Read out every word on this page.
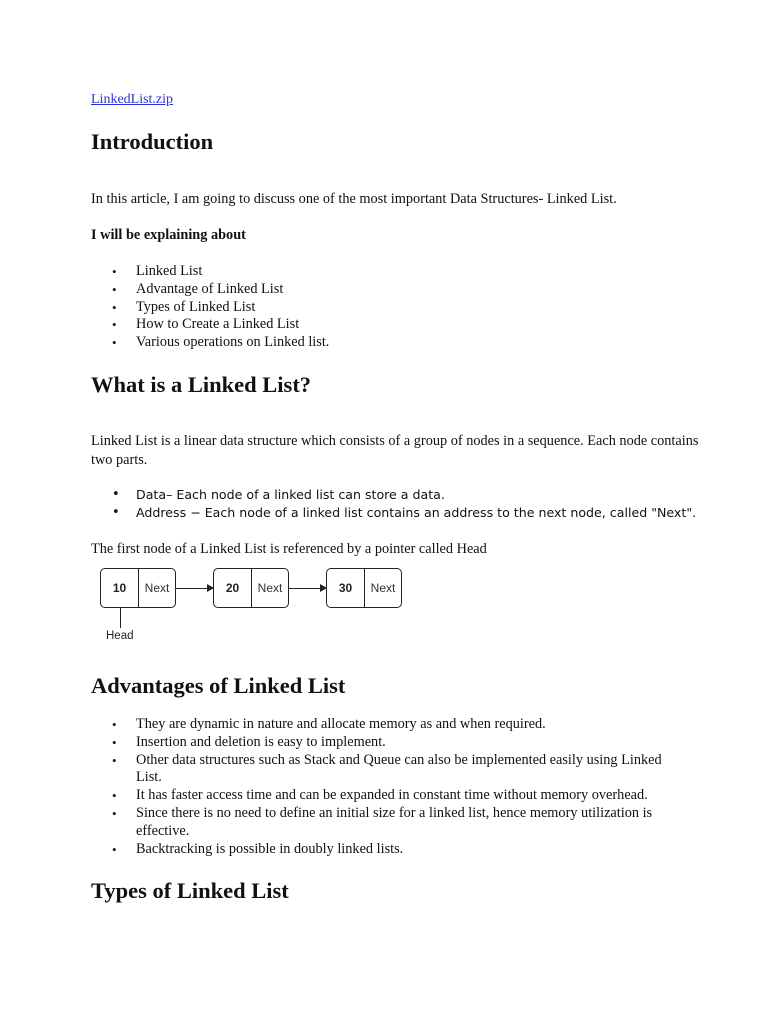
LinkedList.zip
Introduction

In this article, I am going to discuss one of the most important Data Structures- Linked List.

I will be explaining about

• Linked List
• Advantage of Linked List
• Types of Linked List
• How to Create a Linked List
• Various operations on Linked list.
What is a Linked List?

Linked List is a linear data structure which consists of a group of nodes in a sequence. Each node contains two parts.

• Data– Each node of a linked list can store a data.
• Address − Each node of a linked list contains an address to the next node, called "Next".

The first node of a Linked List is referenced by a pointer called Head

Advantages of Linked List
• They are dynamic in nature and allocate memory as and when required.
• Insertion and deletion is easy to implement.
• Other data structures such as Stack and Queue can also be implemented easily using Linked List.
• It has faster access time and can be expanded in constant time without memory overhead.
• Since there is no need to define an initial size for a linked list, hence memory utilization is effective.
• Backtracking is possible in doubly linked lists.
Types of Linked List
10	Next	20	Next	30	Next
Head
